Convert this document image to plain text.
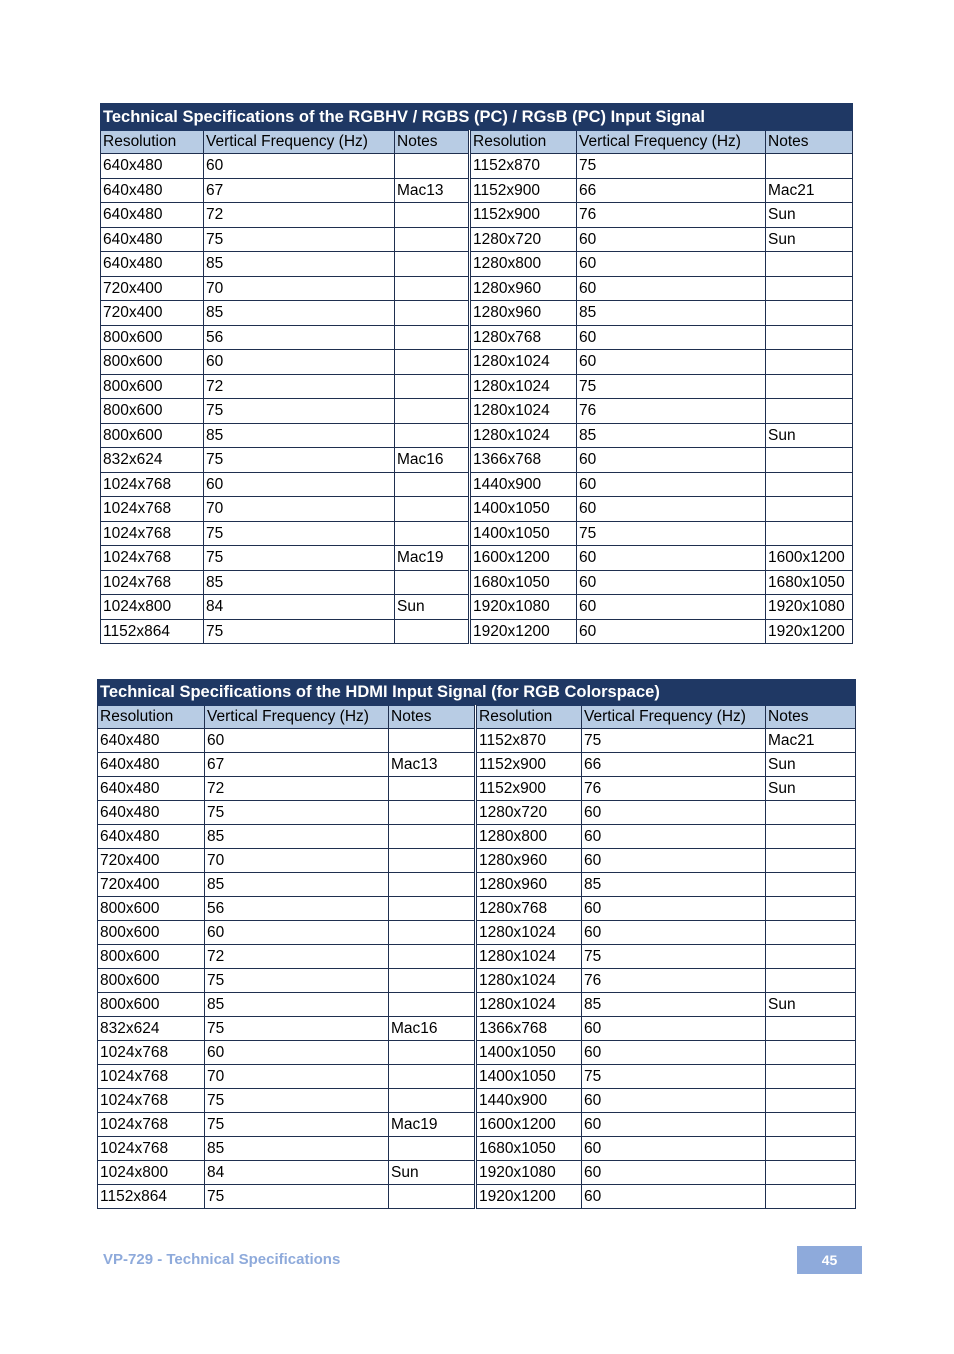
Technical Specifications of the RGBHV / RGBS (PC) / RGsB (PC) Input Signal					
Resolution	Vertical Frequency (Hz)	Notes	Resolution	Vertical Frequency (Hz)	Notes
640x480	60		1152x870	75	
640x480	67	Mac13	1152x900	66	Mac21
640x480	72		1152x900	76	Sun
640x480	75		1280x720	60	Sun
640x480	85		1280x800	60	
720x400	70		1280x960	60	
720x400	85		1280x960	85	
800x600	56		1280x768	60	
800x600	60		1280x1024	60	
800x600	72		1280x1024	75	
800x600	75		1280x1024	76	
800x600	85		1280x1024	85	Sun
832x624	75	Mac16	1366x768	60	
1024x768	60		1440x900	60	
1024x768	70		1400x1050	60	
1024x768	75		1400x1050	75	
1024x768	75	Mac19	1600x1200	60	1600x1200
1024x768	85		1680x1050	60	1680x1050
1024x800	84	Sun	1920x1080	60	1920x1080
1152x864	75		1920x1200	60	1920x1200
Technical Specifications of the HDMI Input Signal (for RGB Colorspace)					
Resolution	Vertical Frequency (Hz)	Notes	Resolution	Vertical Frequency (Hz)	Notes
640x480	60		1152x870	75	Mac21
640x480	67	Mac13	1152x900	66	Sun
640x480	72		1152x900	76	Sun
640x480	75		1280x720	60	
640x480	85		1280x800	60	
720x400	70		1280x960	60	
720x400	85		1280x960	85	
800x600	56		1280x768	60	
800x600	60		1280x1024	60	
800x600	72		1280x1024	75	
800x600	75		1280x1024	76	
800x600	85		1280x1024	85	Sun
832x624	75	Mac16	1366x768	60	
1024x768	60		1400x1050	60	
1024x768	70		1400x1050	75	
1024x768	75		1440x900	60	
1024x768	75	Mac19	1600x1200	60	
1024x768	85		1680x1050	60	
1024x800	84	Sun	1920x1080	60	
1152x864	75		1920x1200	60	
VP-729 - Technical Specifications	45
